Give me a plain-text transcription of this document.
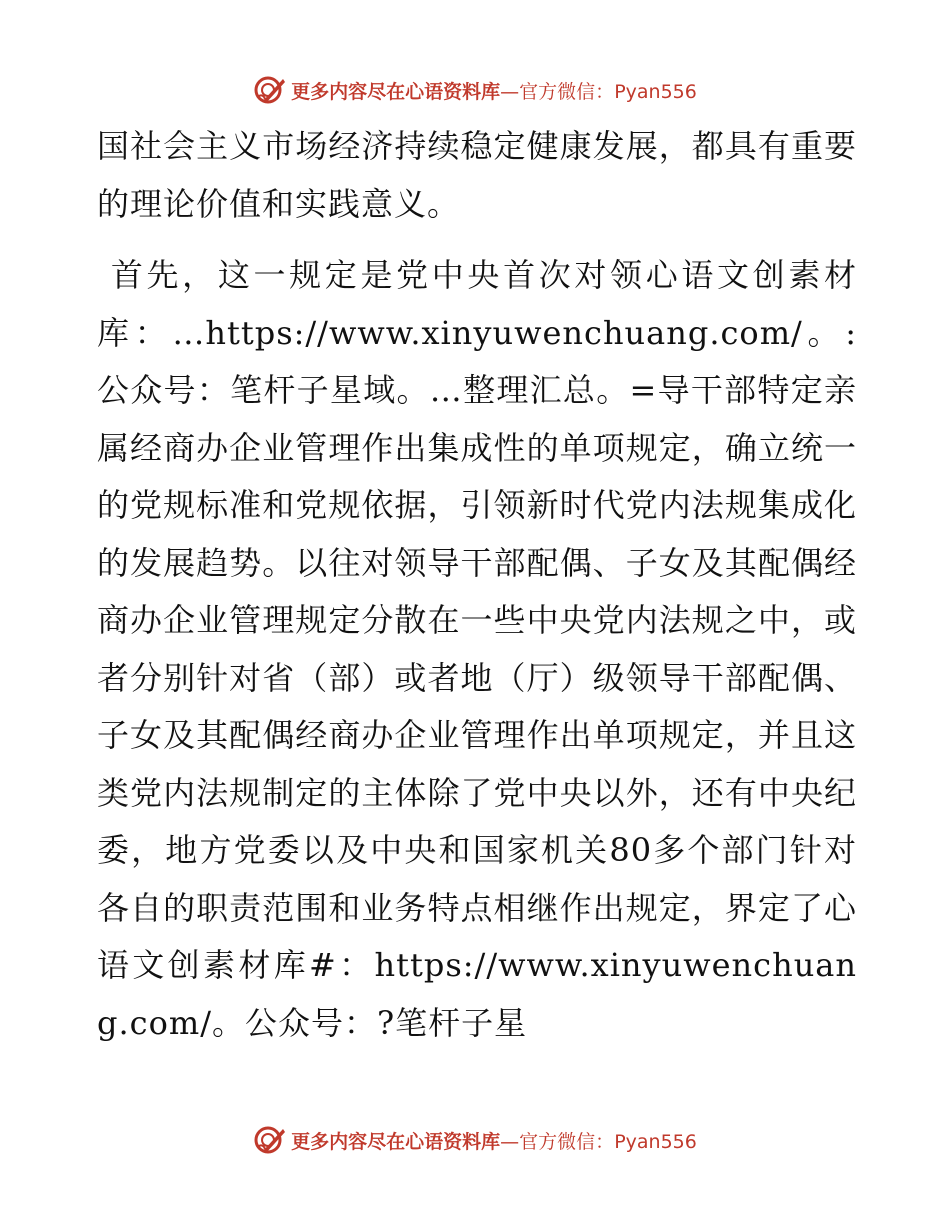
更多内容尽在心语资料库—官方微信：Pyan556

国社会主义市场经济持续稳定健康发展，都具有重要的理论价值和实践意义。

首先，这一规定是党中央首次对领心语文创素材库：…https://www.xinyuwenchuang.com/。:公众号：笔杆子星域。…整理汇总。=导干部特定亲属经商办企业管理作出集成性的单项规定，确立统一的党规标准和党规依据，引领新时代党内法规集成化的发展趋势。以往对领导干部配偶、子女及其配偶经商办企业管理规定分散在一些中央党内法规之中，或者分别针对省（部）或者地（厅）级领导干部配偶、子女及其配偶经商办企业管理作出单项规定，并且这类党内法规制定的主体除了党中央以外，还有中央纪委，地方党委以及中央和国家机关80多个部门针对各自的职责范围和业务特点相继作出规定，界定了心语文创素材库#：https://www.xinyuwenchuang.com/。公众号：?笔杆子星

更多内容尽在心语资料库—官方微信：Pyan556
